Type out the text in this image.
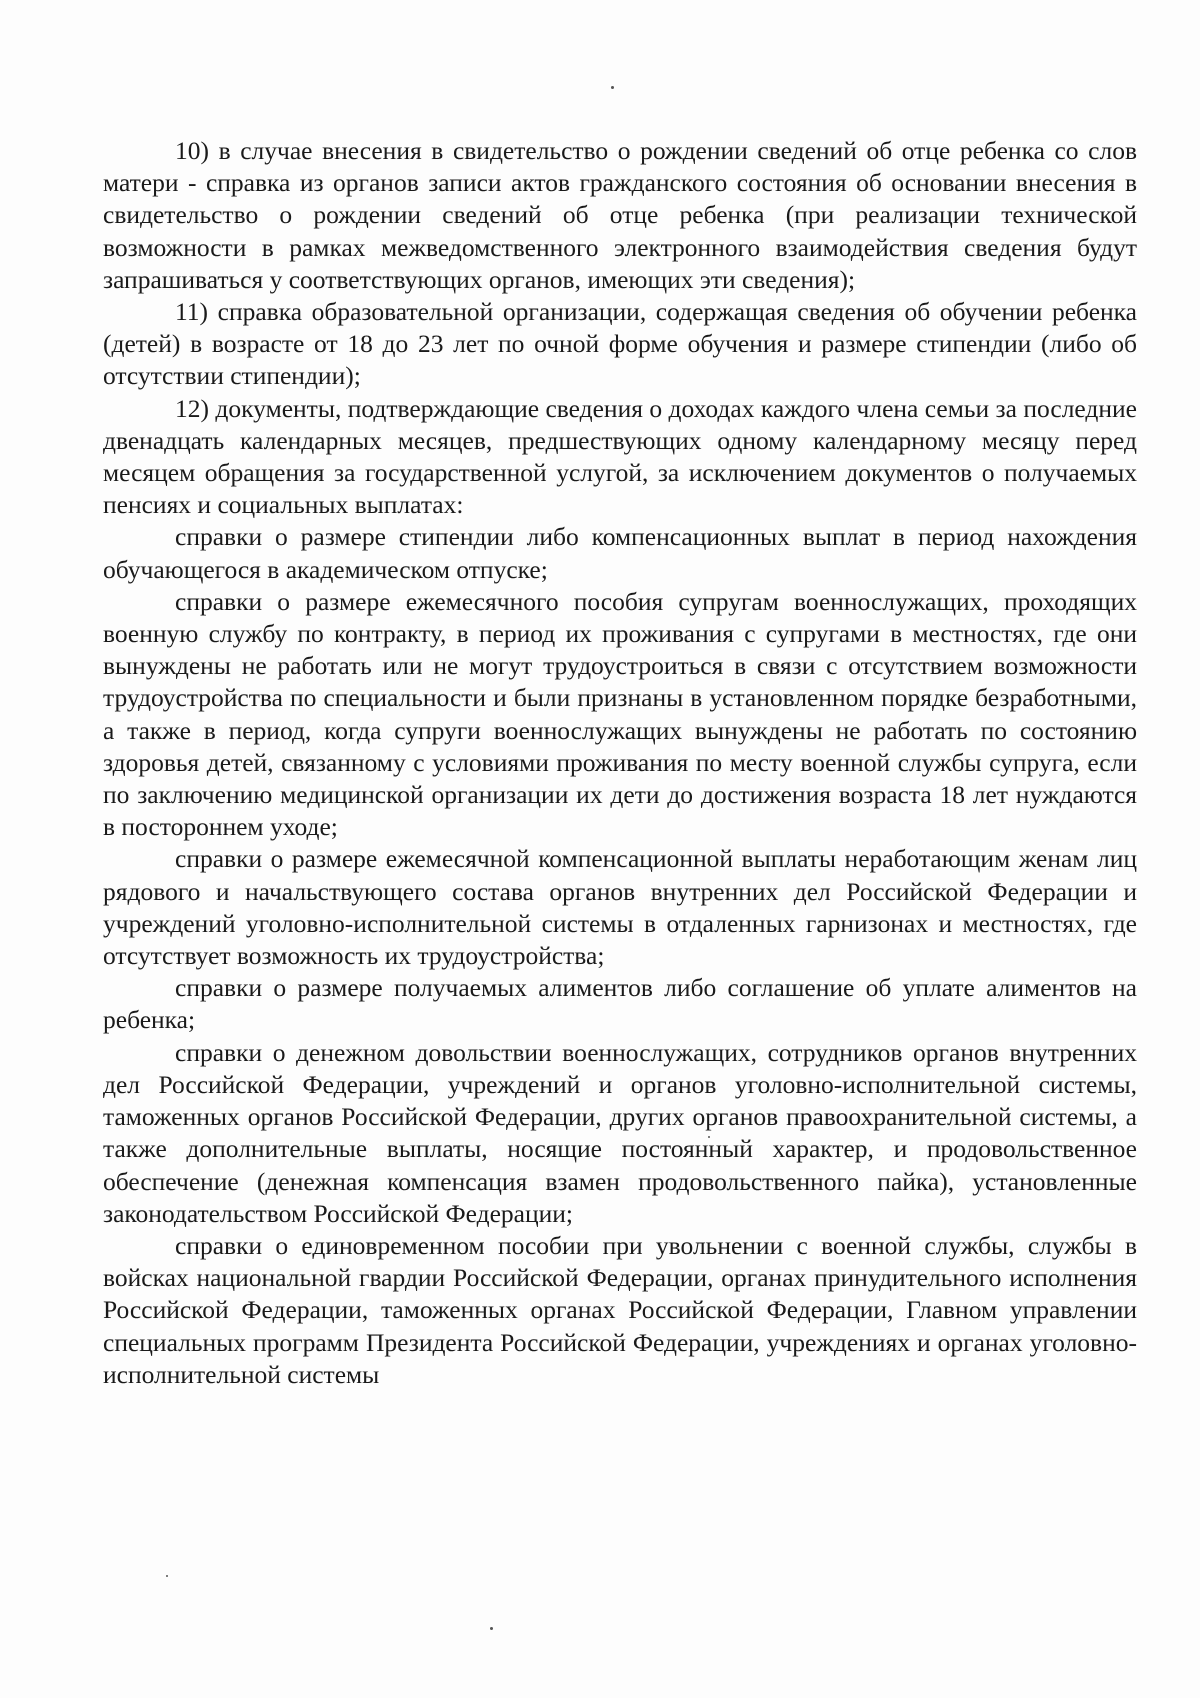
10) в случае внесения в свидетельство о рождении сведений об отце ребенка со слов матери - справка из органов записи актов гражданского состояния об основании внесения в свидетельство о рождении сведений об отце ребенка (при реализации технической возможности в рамках межведомственного электронного взаимодействия сведения будут запрашиваться у соответствующих органов, имеющих эти сведения);

11) справка образовательной организации, содержащая сведения об обучении ребенка (детей) в возрасте от 18 до 23 лет по очной форме обучения и размере стипендии (либо об отсутствии стипендии);

12) документы, подтверждающие сведения о доходах каждого члена семьи за последние двенадцать календарных месяцев, предшествующих одному календарному месяцу перед месяцем обращения за государственной услугой, за исключением документов о получаемых пенсиях и социальных выплатах:

справки о размере стипендии либо компенсационных выплат в период нахождения обучающегося в академическом отпуске;

справки о размере ежемесячного пособия супругам военнослужащих, проходящих военную службу по контракту, в период их проживания с супругами в местностях, где они вынуждены не работать или не могут трудоустроиться в связи с отсутствием возможности трудоустройства по специальности и были признаны в установленном порядке безработными, а также в период, когда супруги военнослужащих вынуждены не работать по состоянию здоровья детей, связанному с условиями проживания по месту военной службы супруга, если по заключению медицинской организации их дети до достижения возраста 18 лет нуждаются в постороннем уходе;

справки о размере ежемесячной компенсационной выплаты неработающим женам лиц рядового и начальствующего состава органов внутренних дел Российской Федерации и учреждений уголовно-исполнительной системы в отдаленных гарнизонах и местностях, где отсутствует возможность их трудоустройства;

справки о размере получаемых алиментов либо соглашение об уплате алиментов на ребенка;

справки о денежном довольствии военнослужащих, сотрудников органов внутренних дел Российской Федерации, учреждений и органов уголовно-исполнительной системы, таможенных органов Российской Федерации, других органов правоохранительной системы, а также дополнительные выплаты, носящие постоянный характер, и продовольственное обеспечение (денежная компенсация взамен продовольственного пайка), установленные законодательством Российской Федерации;

справки о единовременном пособии при увольнении с военной службы, службы в войсках национальной гвардии Российской Федерации, органах принудительного исполнения Российской Федерации, таможенных органах Российской Федерации, Главном управлении специальных программ Президента Российской Федерации, учреждениях и органах уголовно-исполнительной системы
